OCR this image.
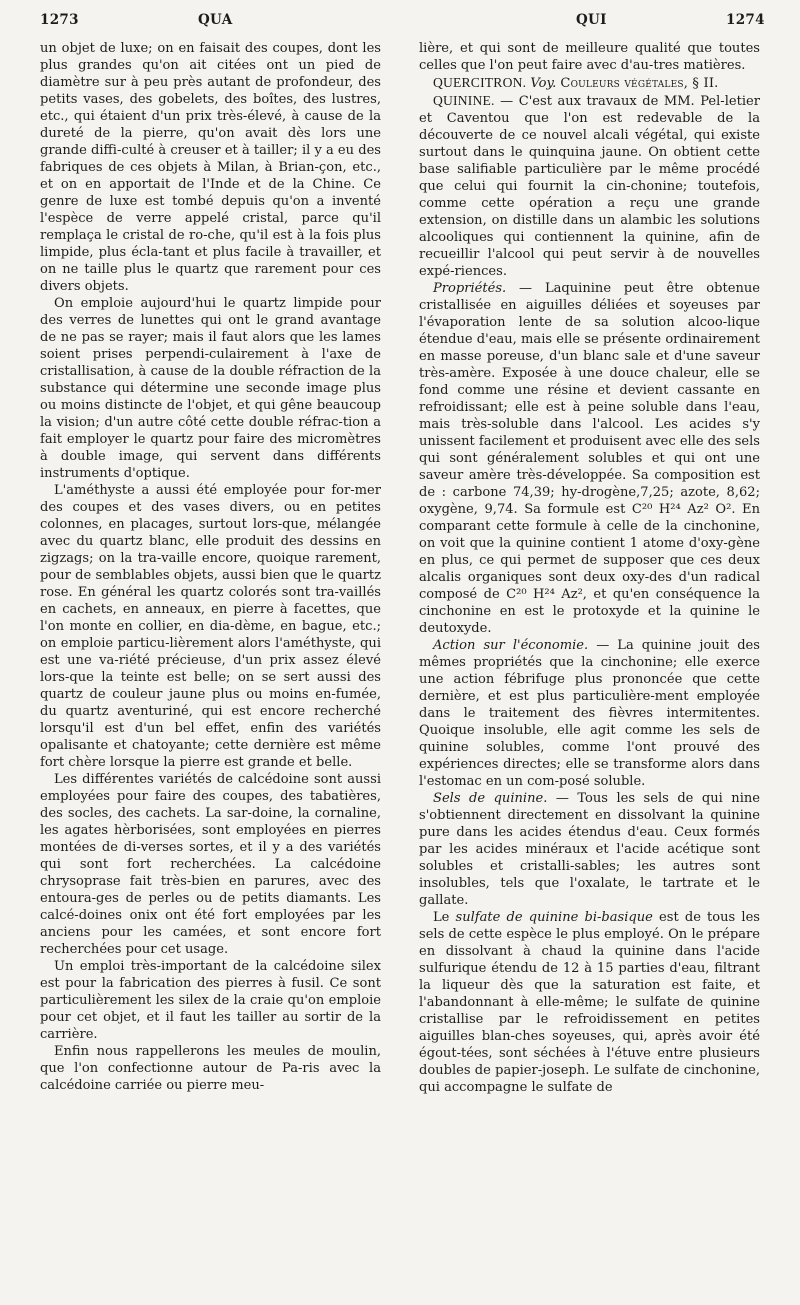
1273	QUA	QUI	1274

un objet de luxe; on en faisait des coupes, dont les plus grandes qu'on ait citées ont un pied de diamètre sur à peu près autant de profondeur, des petits vases, des gobelets, des boîtes, des lustres, etc., qui étaient d'un prix très-élevé, à cause de la dureté de la pierre, qu'on avait dès lors une grande diffi-culté à creuser et à tailler; il y a eu des fabriques de ces objets à Milan, à Brian-çon, etc., et on en apportait de l'Inde et de la Chine. Ce genre de luxe est tombé depuis qu'on a inventé l'espèce de verre appelé cristal, parce qu'il remplaça le cristal de ro-che, qu'il est à la fois plus limpide, plus écla-tant et plus facile à travailler, et on ne taille plus le quartz que rarement pour ces divers objets.

On emploie aujourd'hui le quartz limpide pour des verres de lunettes qui ont le grand avantage de ne pas se rayer; mais il faut alors que les lames soient prises perpendi-culairement à l'axe de cristallisation, à cause de la double réfraction de la substance qui détermine une seconde image plus ou moins distincte de l'objet, et qui gêne beaucoup la vision; d'un autre côté cette double réfrac-tion a fait employer le quartz pour faire des micromètres à double image, qui servent dans différents instruments d'optique.

L'améthyste a aussi été employée pour for-mer des coupes et des vases divers, ou en petites colonnes, en placages, surtout lors-que, mélangée avec du quartz blanc, elle produit des dessins en zigzags; on la tra-vaille encore, quoique rarement, pour de semblables objets, aussi bien que le quartz rose. En général les quartz colorés sont tra-vaillés en cachets, en anneaux, en pierre à facettes, que l'on monte en collier, en dia-dème, en bague, etc.; on emploie particu-lièrement alors l'améthyste, qui est une va-riété précieuse, d'un prix assez élevé lors-que la teinte est belle; on se sert aussi des quartz de couleur jaune plus ou moins en-fumée, du quartz aventuriné, qui est encore recherché lorsqu'il est d'un bel effet, enfin des variétés opalisante et chatoyante; cette dernière est même fort chère lorsque la pierre est grande et belle.

Les différentes variétés de calcédoine sont aussi employées pour faire des coupes, des tabatières, des socles, des cachets. La sar-doine, la cornaline, les agates hèrborisées, sont employées en pierres montées de di-verses sortes, et il y a des variétés qui sont fort recherchées. La calcédoine chrysoprase fait très-bien en parures, avec des entoura-ges de perles ou de petits diamants. Les calcé-doines onix ont été fort employées par les anciens pour les camées, et sont encore fort recherchées pour cet usage.

Un emploi très-important de la calcédoine silex est pour la fabrication des pierres à fusil. Ce sont particulièrement les silex de la craie qu'on emploie pour cet objet, et il faut les tailler au sortir de la carrière.

Enfin nous rappellerons les meules de moulin, que l'on confectionne autour de Pa-ris avec la calcédoine carriée ou pierre meu-

lière, et qui sont de meilleure qualité que toutes celles que l'on peut faire avec d'au-tres matières.

QUERCITRON. Voy. Couleurs végétales, § II.

QUININE. — C'est aux travaux de MM. Pel-letier et Caventou que l'on est redevable de la découverte de ce nouvel alcali végétal, qui existe surtout dans le quinquina jaune. On obtient cette base salifiable particulière par le même procédé que celui qui fournit la cin-chonine; toutefois, comme cette opération a reçu une grande extension, on distille dans un alambic les solutions alcooliques qui contiennent la quinine, afin de recueillir l'alcool qui peut servir à de nouvelles expé-riences.

Propriétés. — Laquinine peut être obtenue cristallisée en aiguilles déliées et soyeuses par l'évaporation lente de sa solution alcoo-lique étendue d'eau, mais elle se présente ordinairement en masse poreuse, d'un blanc sale et d'une saveur très-amère. Exposée à une douce chaleur, elle se fond comme une résine et devient cassante en refroidissant; elle est à peine soluble dans l'eau, mais très-soluble dans l'alcool. Les acides s'y unissent facilement et produisent avec elle des sels qui sont généralement solubles et qui ont une saveur amère très-développée. Sa composition est de : carbone 74,39; hy-drogène,7,25; azote, 8,62; oxygène, 9,74. Sa formule est C²⁰ H²⁴ Az² O². En comparant cette formule à celle de la cinchonine, on voit que la quinine contient 1 atome d'oxy-gène en plus, ce qui permet de supposer que ces deux alcalis organiques sont deux oxy-des d'un radical composé de C²⁰ H²⁴ Az², et qu'en conséquence la cinchonine en est le protoxyde et la quinine le deutoxyde.

Action sur l'économie. — La quinine jouit des mêmes propriétés que la cinchonine; elle exerce une action fébrifuge plus prononcée que cette dernière, et est plus particulière-ment employée dans le traitement des fièvres intermitentes. Quoique insoluble, elle agit comme les sels de quinine solubles, comme l'ont prouvé des expériences directes; elle se transforme alors dans l'estomac en un com-posé soluble.

Sels de quinine. — Tous les sels de qui nine s'obtiennent directement en dissolvant la quinine pure dans les acides étendus d'eau. Ceux formés par les acides minéraux et l'acide acétique sont solubles et cristalli-sables; les autres sont insolubles, tels que l'oxalate, le tartrate et le gallate.

Le sulfate de quinine bi-basique est de tous les sels de cette espèce le plus employé. On le prépare en dissolvant à chaud la quinine dans l'acide sulfurique étendu de 12 à 15 parties d'eau, filtrant la liqueur dès que la saturation est faite, et l'abandonnant à elle-même; le sulfate de quinine cristallise par le refroidissement en petites aiguilles blan-ches soyeuses, qui, après avoir été égout-tées, sont séchées à l'étuve entre plusieurs doubles de papier-joseph. Le sulfate de cinchonine, qui accompagne le sulfate de
